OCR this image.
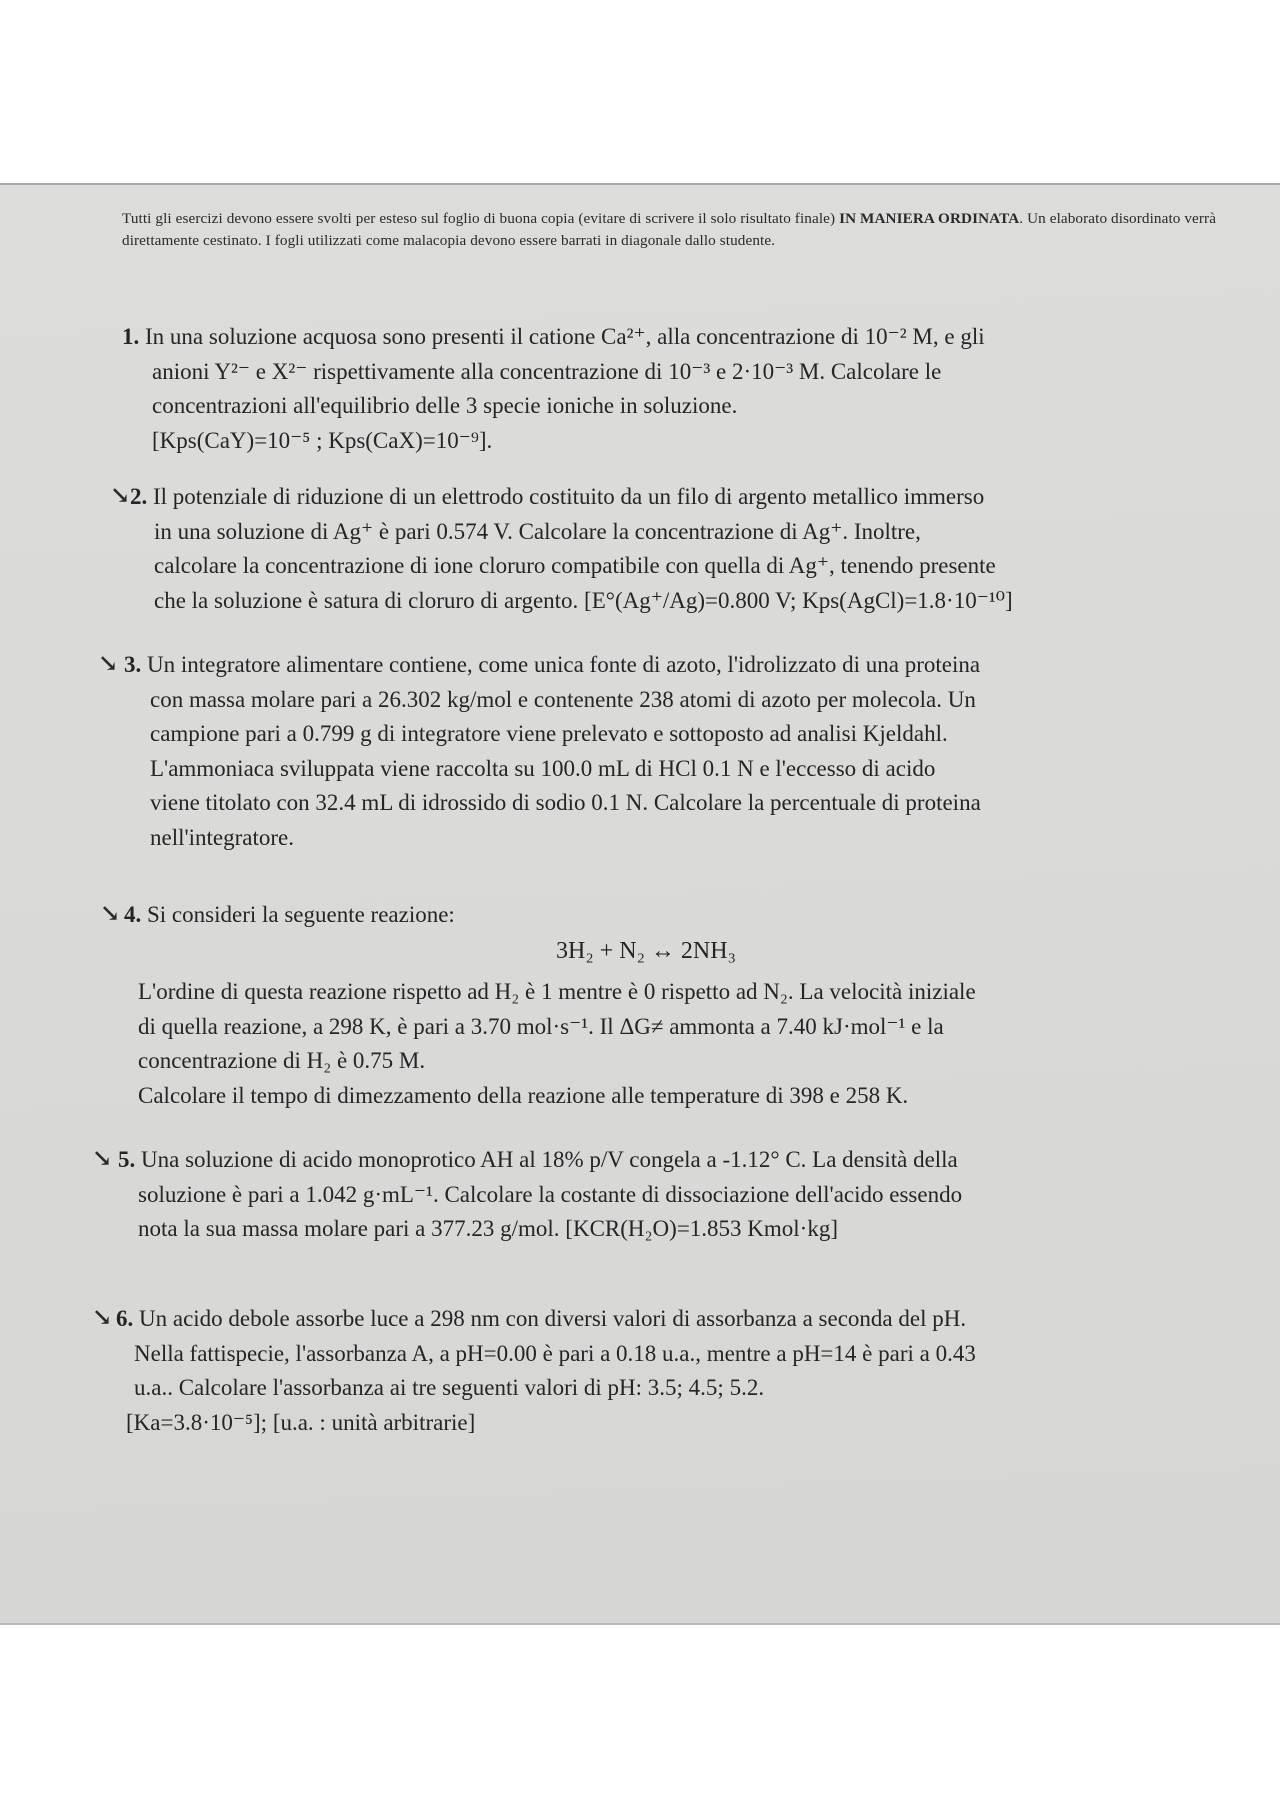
Tutti gli esercizi devono essere svolti per esteso sul foglio di buona copia (evitare di scrivere il solo risultato finale) IN MANIERA ORDINATA. Un elaborato disordinato verrà direttamente cestinato. I fogli utilizzati come malacopia devono essere barrati in diagonale dallo studente.
1. In una soluzione acquosa sono presenti il catione Ca²⁺, alla concentrazione di 10⁻² M, e gli
anioni Y²⁻ e X²⁻ rispettivamente alla concentrazione di 10⁻³ e 2·10⁻³ M. Calcolare le
concentrazioni all'equilibrio delle 3 specie ioniche in soluzione.
[Kps(CaY)=10⁻⁵ ; Kps(CaX)=10⁻⁹].
↘ 2. Il potenziale di riduzione di un elettrodo costituito da un filo di argento metallico immerso
in una soluzione di Ag⁺ è pari 0.574 V. Calcolare la concentrazione di Ag⁺. Inoltre,
calcolare la concentrazione di ione cloruro compatibile con quella di Ag⁺, tenendo presente
che la soluzione è satura di cloruro di argento. [E°(Ag⁺/Ag)=0.800 V; Kps(AgCl)=1.8·10⁻¹⁰]
↘ 3. Un integratore alimentare contiene, come unica fonte di azoto, l'idrolizzato di una proteina
con massa molare pari a 26.302 kg/mol e contenente 238 atomi di azoto per molecola. Un
campione pari a 0.799 g di integratore viene prelevato e sottoposto ad analisi Kjeldahl.
L'ammoniaca sviluppata viene raccolta su 100.0 mL di HCl 0.1 N e l'eccesso di acido
viene titolato con 32.4 mL di idrossido di sodio 0.1 N. Calcolare la percentuale di proteina
nell'integratore.
↘ 4. Si consideri la seguente reazione:
3H₂ + N₂ ↔ 2NH₃
L'ordine di questa reazione rispetto ad H₂ è 1 mentre è 0 rispetto ad N₂. La velocità iniziale
di quella reazione, a 298 K, è pari a 3.70 mol·s⁻¹. Il ΔG≠ ammonta a 7.40 kJ·mol⁻¹ e la
concentrazione di H₂ è 0.75 M.
Calcolare il tempo di dimezzamento della reazione alle temperature di 398 e 258 K.
↘ 5. Una soluzione di acido monoprotico AH al 18% p/V congela a -1.12° C. La densità della
soluzione è pari a 1.042 g·mL⁻¹. Calcolare la costante di dissociazione dell'acido essendo
nota la sua massa molare pari a 377.23 g/mol. [KCR(H₂O)=1.853 Kmol·kg]
↘ 6. Un acido debole assorbe luce a 298 nm con diversi valori di assorbanza a seconda del pH.
Nella fattispecie, l'assorbanza A, a pH=0.00 è pari a 0.18 u.a., mentre a pH=14 è pari a 0.43
u.a.. Calcolare l'assorbanza ai tre seguenti valori di pH: 3.5; 4.5; 5.2.
[Ka=3.8·10⁻⁵]; [u.a. : unità arbitrarie]
